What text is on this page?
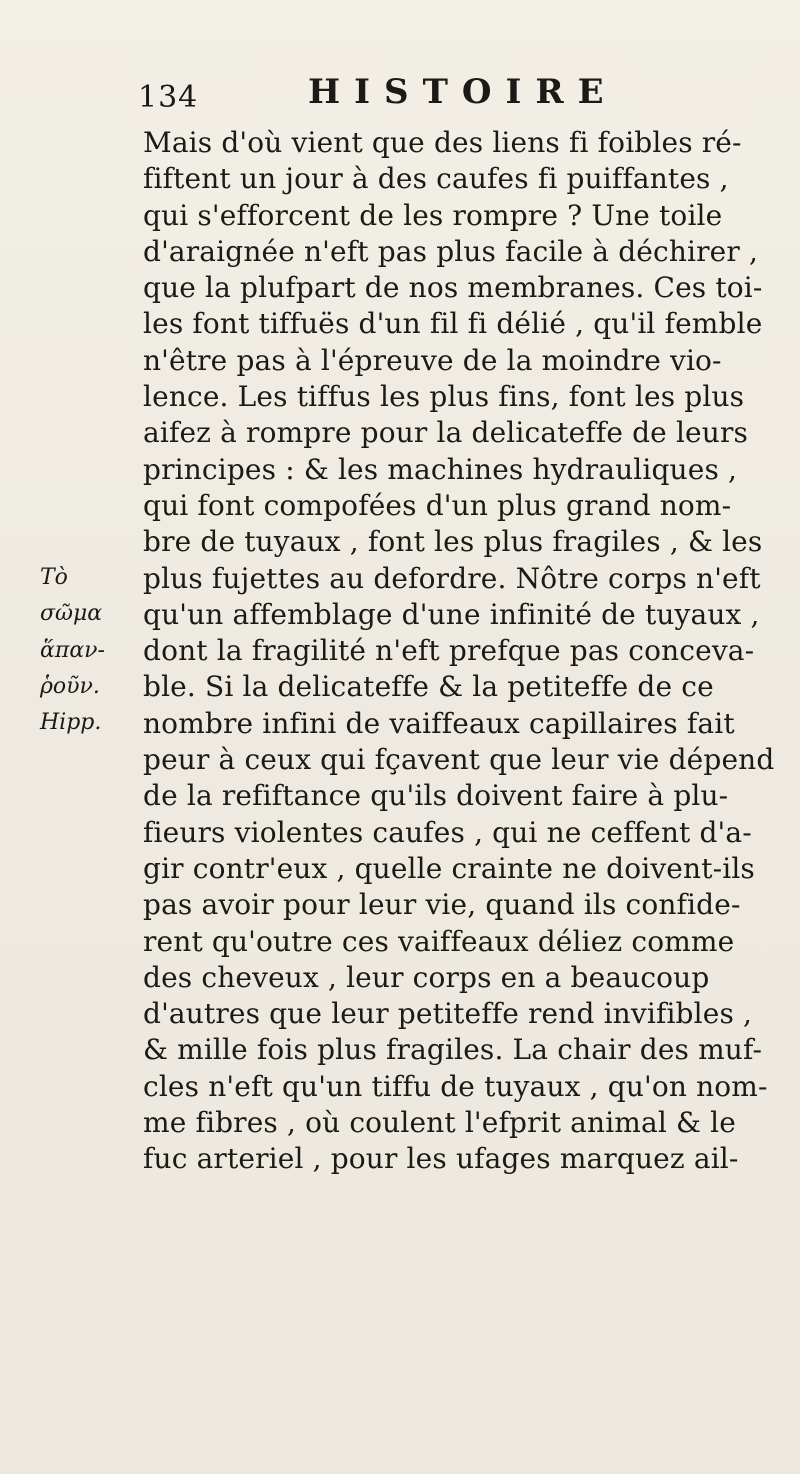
134	HISTOIRE
Τὸ
σῶμα
ἅπαν-
ῥοῦν.
Hipp.
Mais d'où vient que des liens fi foibles ré-
fiftent un jour à des caufes fi puiffantes ,
qui s'efforcent de les rompre ? Une toile
d'araignée n'eft pas plus facile à déchirer ,
que la plufpart de nos membranes. Ces toi-
les font tiffuës d'un fil fi délié , qu'il femble
n'être pas à l'épreuve de la moindre vio-
lence. Les tiffus les plus fins, font les plus
aifez à rompre pour la delicateffe de leurs
principes : & les machines hydrauliques ,
qui font compofées d'un plus grand nom-
bre de tuyaux , font les plus fragiles , & les
plus fujettes au defordre. Nôtre corps n'eft
qu'un affemblage d'une infinité de tuyaux ,
dont la fragilité n'eft prefque pas conceva-
ble. Si la delicateffe & la petiteffe de ce
nombre infini de vaiffeaux capillaires fait
peur à ceux qui fçavent que leur vie dépend
de la refiftance qu'ils doivent faire à plu-
fieurs violentes caufes , qui ne ceffent d'a-
gir contr'eux , quelle crainte ne doivent-ils
pas avoir pour leur vie, quand ils confide-
rent qu'outre ces vaiffeaux déliez comme
des cheveux , leur corps en a beaucoup
d'autres que leur petiteffe rend invifibles ,
& mille fois plus fragiles. La chair des muf-
cles n'eft qu'un tiffu de tuyaux , qu'on nom-
me fibres , où coulent l'efprit animal & le
fuc arteriel , pour les ufages marquez ail-
